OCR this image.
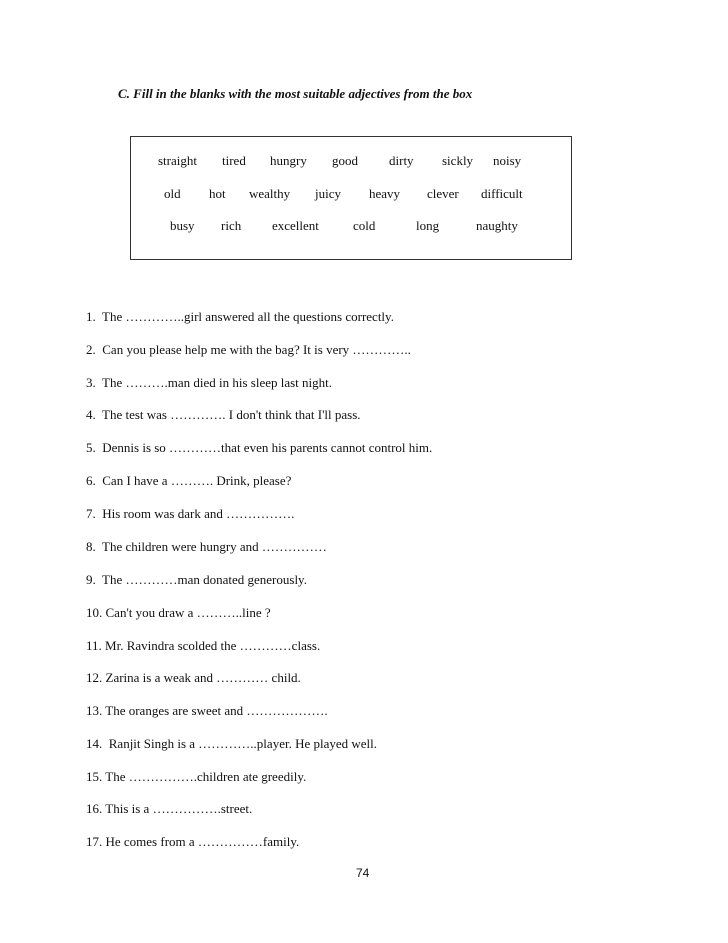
C. Fill in the blanks with the most suitable adjectives from the box
straight tired hungry good dirty sickly noisy
old hot wealthy juicy heavy clever difficult
busy rich excellent	cold	long	naughty
1.  The …………..girl answered all the questions correctly.
2.  Can you please help me with the bag? It is very …………..
3.  The ……….man died in his sleep last night.
4.  The test was …………. I don't think that I'll pass.
5.  Dennis is so …………that even his parents cannot control him.
6.  Can I have a ………. Drink, please?
7.  His room was dark and …………….
8.  The children were hungry and ……………
9.  The …………man donated generously.
10. Can't you draw a ………..line ?
11. Mr. Ravindra scolded the …………class.
12. Zarina is a weak and ………… child.
13. The oranges are sweet and ……………….
14.  Ranjit Singh is a …………..player. He played well.
15. The …………….children ate greedily.
16. This is a …………….street.
17. He comes from a ……………family.
74
